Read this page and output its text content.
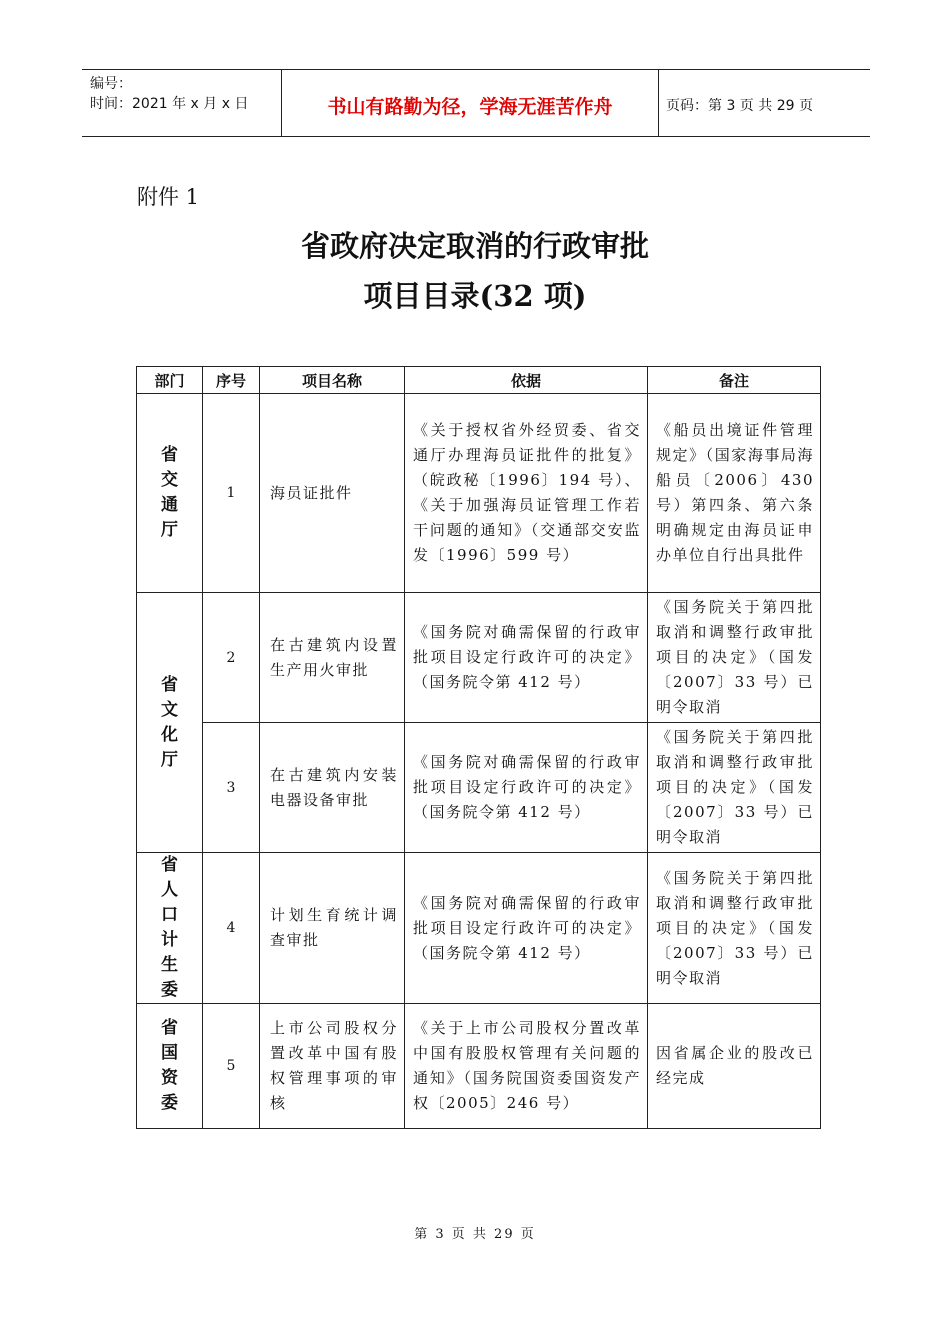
编号：
时间：2021 年 x 月 x 日	书山有路勤为径，学海无涯苦作舟	页码：第 3 页 共 29 页
附件 1
省政府决定取消的行政审批
项目目录(32 项)
部门	序号	项目名称	依据	备注

省交通厅	1	海员证批件	《关于授权省外经贸委、省交通厅办理海员证批件的批复》（皖政秘〔1996〕194 号）、《关于加强海员证管理工作若干问题的通知》（交通部交安监发〔1996〕599 号）	《船员出境证件管理规定》（国家海事局海船员〔2006〕430 号）第四条、第六条明确规定由海员证申办单位自行出具批件

省文化厅	2	在古建筑内设置生产用火审批	《国务院对确需保留的行政审批项目设定行政许可的决定》（国务院令第 412 号）	《国务院关于第四批取消和调整行政审批项目的决定》（国发〔2007〕33 号）已明令取消
	3	在古建筑内安装电器设备审批	《国务院对确需保留的行政审批项目设定行政许可的决定》（国务院令第 412 号）	《国务院关于第四批取消和调整行政审批项目的决定》（国发〔2007〕33 号）已明令取消

省人口计生委	4	计划生育统计调查审批	《国务院对确需保留的行政审批项目设定行政许可的决定》（国务院令第 412 号）	《国务院关于第四批取消和调整行政审批项目的决定》（国发〔2007〕33 号）已明令取消

省国资委	5	上市公司股权分置改革中国有股权管理事项的审核	《关于上市公司股权分置改革中国有股股权管理有关问题的通知》（国务院国资委国资发产权〔2005〕246 号）	因省属企业的股改已经完成
第 3 页 共 29 页
